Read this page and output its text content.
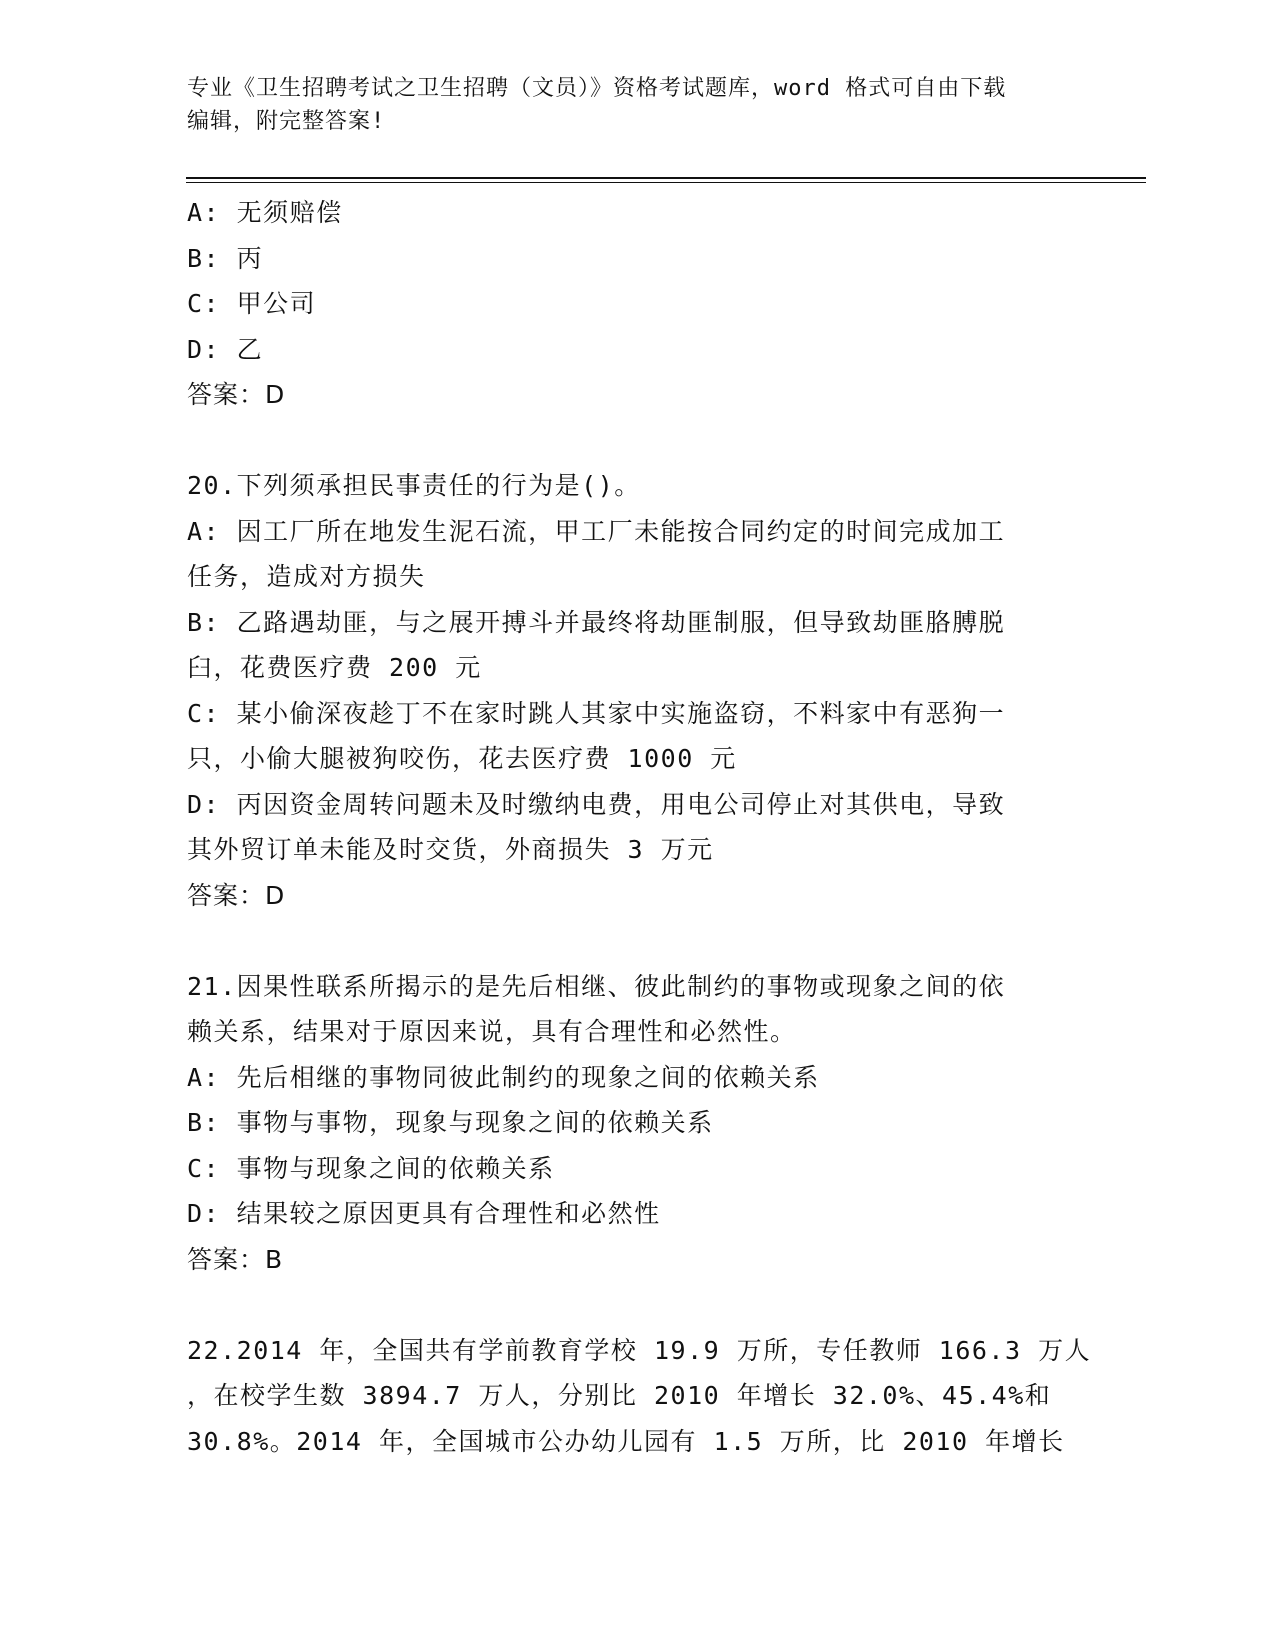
专业《卫生招聘考试之卫生招聘（文员）》资格考试题库，word 格式可自由下载
编辑，附完整答案!
A: 无须赔偿
B: 丙
C: 甲公司
D: 乙
答案：D
20.下列须承担民事责任的行为是()。
A: 因工厂所在地发生泥石流，甲工厂未能按合同约定的时间完成加工
任务，造成对方损失
B: 乙路遇劫匪，与之展开搏斗并最终将劫匪制服，但导致劫匪胳膊脱
臼，花费医疗费 200 元
C: 某小偷深夜趁丁不在家时跳人其家中实施盗窃，不料家中有恶狗一
只，小偷大腿被狗咬伤，花去医疗费 1000 元
D: 丙因资金周转问题未及时缴纳电费，用电公司停止对其供电，导致
其外贸订单未能及时交货，外商损失 3 万元
答案：D
21.因果性联系所揭示的是先后相继、彼此制约的事物或现象之间的依
赖关系，结果对于原因来说，具有合理性和必然性。
A: 先后相继的事物同彼此制约的现象之间的依赖关系
B: 事物与事物，现象与现象之间的依赖关系
C: 事物与现象之间的依赖关系
D: 结果较之原因更具有合理性和必然性
答案：B
22.2014 年，全国共有学前教育学校 19.9 万所，专任教师 166.3 万人
，在校学生数 3894.7 万人，分别比 2010 年增长 32.0%、45.4%和
30.8%。2014 年，全国城市公办幼儿园有 1.5 万所，比 2010 年增长
